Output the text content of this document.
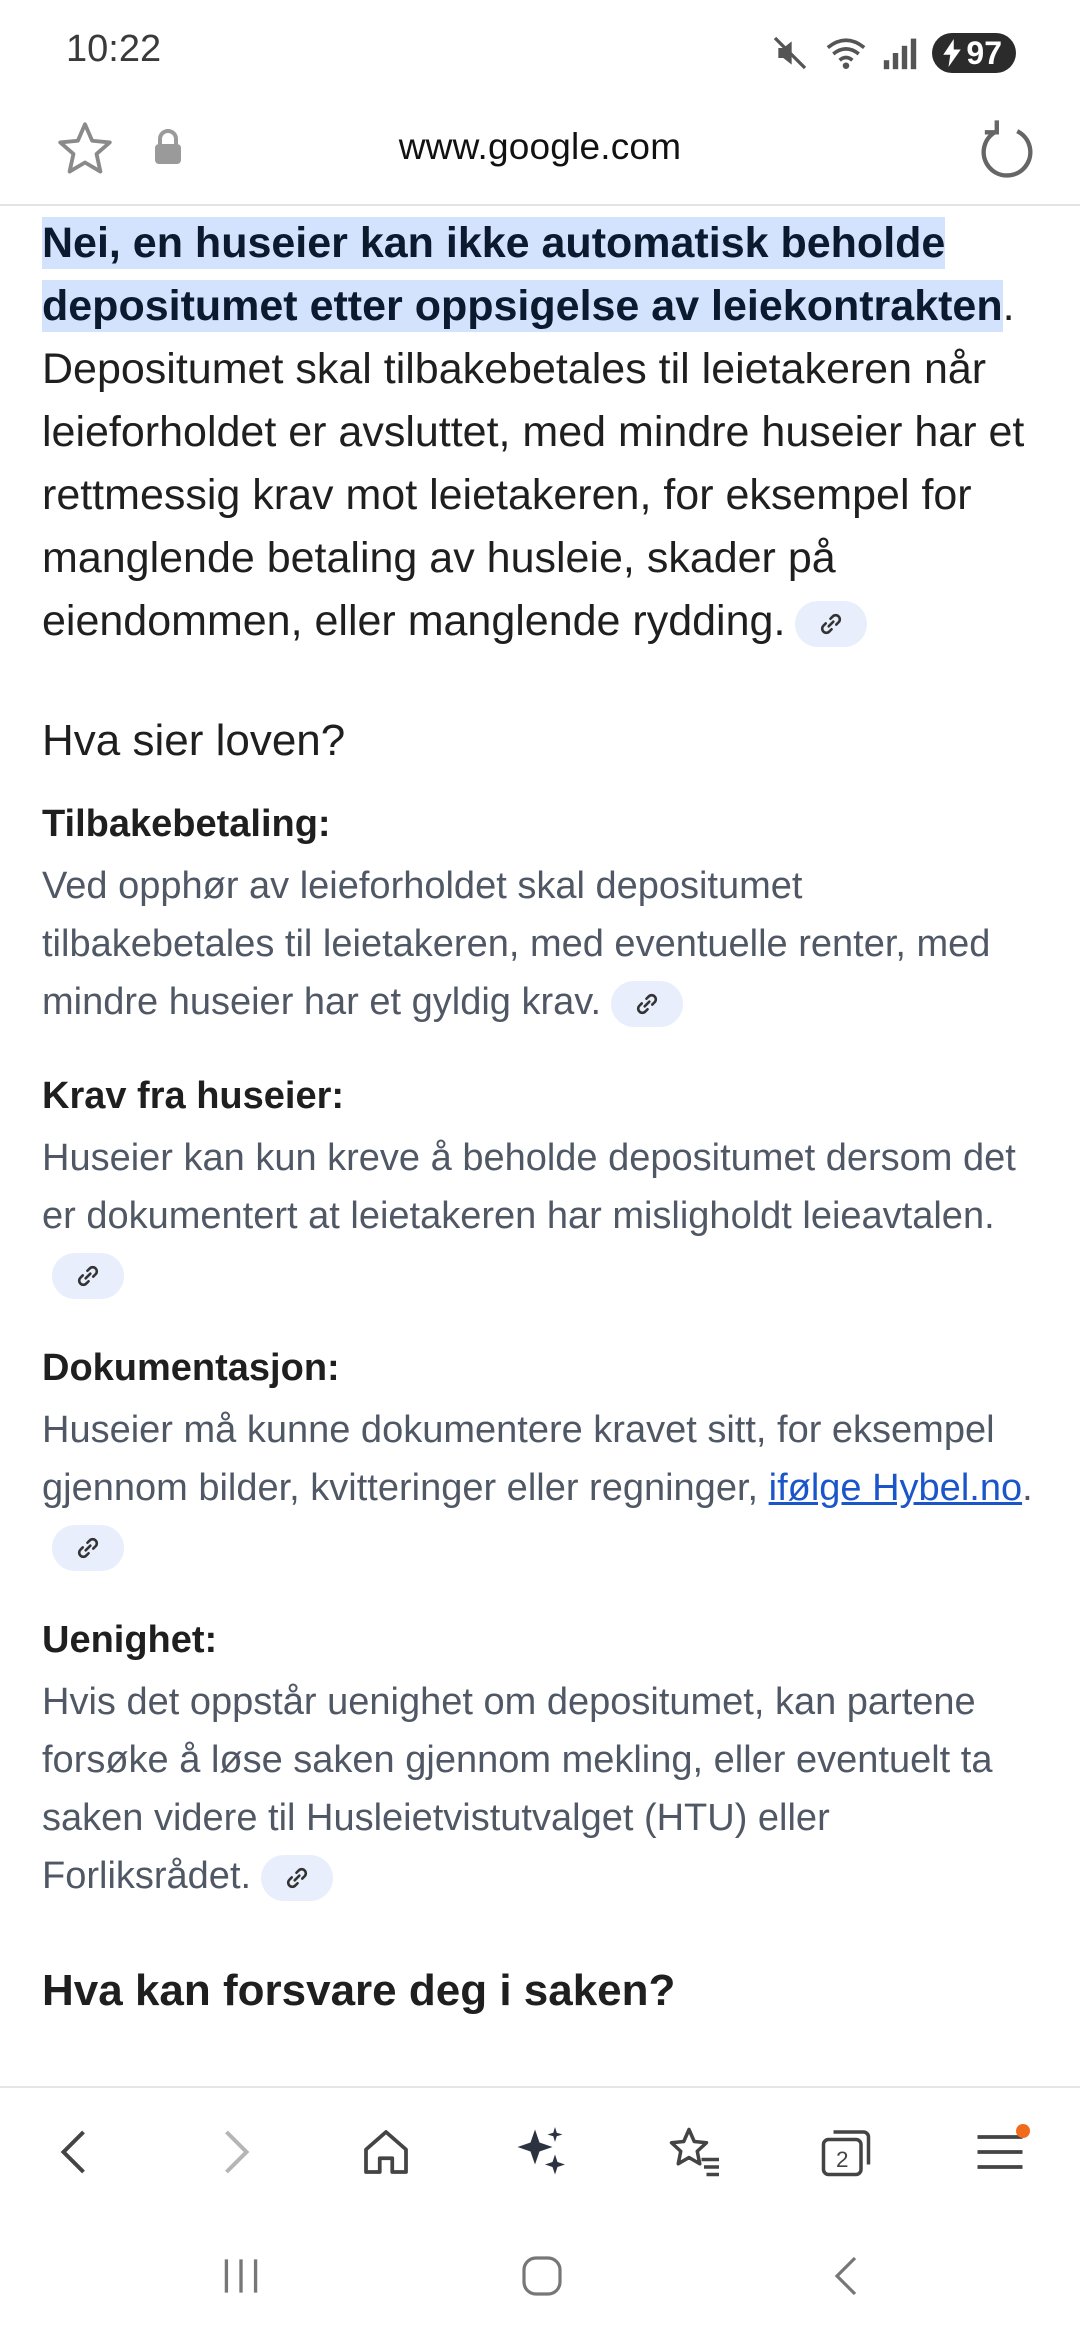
10:22	97
www.google.com

Nei, en huseier kan ikke automatisk beholde depositumet etter oppsigelse av leiekontrakten. Depositumet skal tilbakebetales til leietakeren når leieforholdet er avsluttet, med mindre huseier har et rettmessig krav mot leietakeren, for eksempel for manglende betaling av husleie, skader på eiendommen, eller manglende rydding.

Hva sier loven?
Tilbakebetaling:

Ved opphør av leieforholdet skal depositumet tilbakebetales til leietakeren, med eventuelle renter, med mindre huseier har et gyldig krav.

Krav fra huseier:

Huseier kan kun kreve å beholde depositumet dersom det er dokumentert at leietakeren har misligholdt leieavtalen.

Dokumentasjon:

Huseier må kunne dokumentere kravet sitt, for eksempel gjennom bilder, kvitteringer eller regninger, ifølge Hybel.no.

Uenighet:

Hvis det oppstår uenighet om depositumet, kan partene forsøke å løse saken gjennom mekling, eller eventuelt ta saken videre til Husleietvistutvalget (HTU) eller Forliksrådet.

Hva kan forsvare deg i saken?
2
